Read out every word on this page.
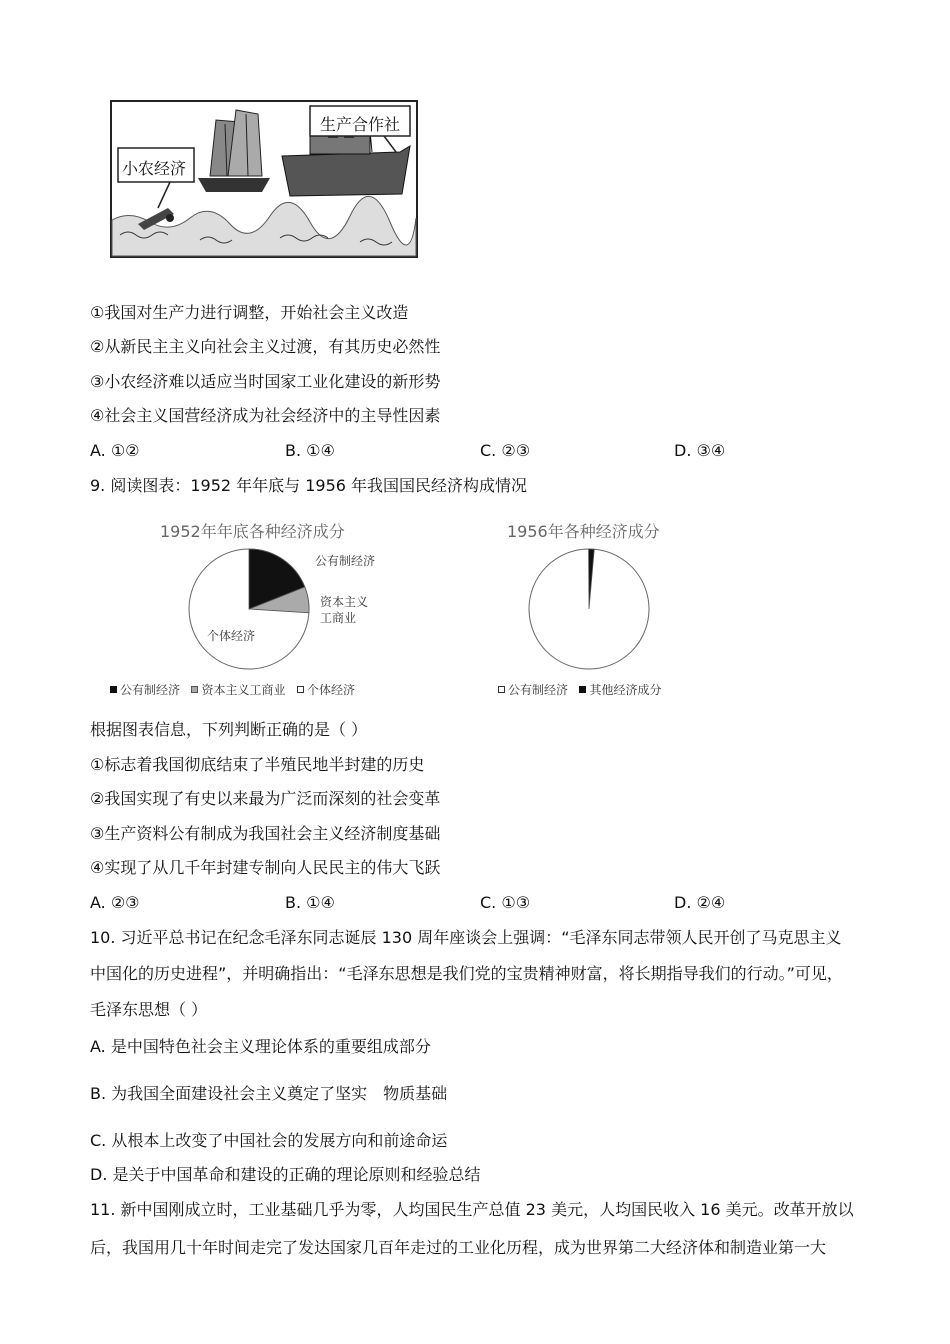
小农经济
生产合作社
①我国对生产力进行调整，开始社会主义改造
②从新民主主义向社会主义过渡，有其历史必然性
③小农经济难以适应当时国家工业化建设的新形势
④社会主义国营经济成为社会经济中的主导性因素
A. ①②	B. ①④	C. ②③	D. ③④
9. 阅读图表：1952 年年底与 1956 年我国国民经济构成情况
1952年年底各种经济成分
公有制经济
资本主义
工商业
个体经济
公有制经济 资本主义工商业 个体经济
1956年各种经济成分
公有制经济 其他经济成分
根据图表信息，下列判断正确的是（ ）
①标志着我国彻底结束了半殖民地半封建的历史
②我国实现了有史以来最为广泛而深刻的社会变革
③生产资料公有制成为我国社会主义经济制度基础
④实现了从几千年封建专制向人民民主的伟大飞跃
A. ②③	B. ①④	C. ①③	D. ②④
10. 习近平总书记在纪念毛泽东同志诞辰 130 周年座谈会上强调：“毛泽东同志带领人民开创了马克思主义
中国化的历史进程”，并明确指出：“毛泽东思想是我们党的宝贵精神财富，将长期指导我们的行动。”可见，
毛泽东思想（ ）
A. 是中国特色社会主义理论体系的重要组成部分
B. 为我国全面建设社会主义奠定了坚实　物质基础
C. 从根本上改变了中国社会的发展方向和前途命运
D. 是关于中国革命和建设的正确的理论原则和经验总结
11. 新中国刚成立时，工业基础几乎为零，人均国民生产总值 23 美元，人均国民收入 16 美元。改革开放以
后，我国用几十年时间走完了发达国家几百年走过的工业化历程，成为世界第二大经济体和制造业第一大
